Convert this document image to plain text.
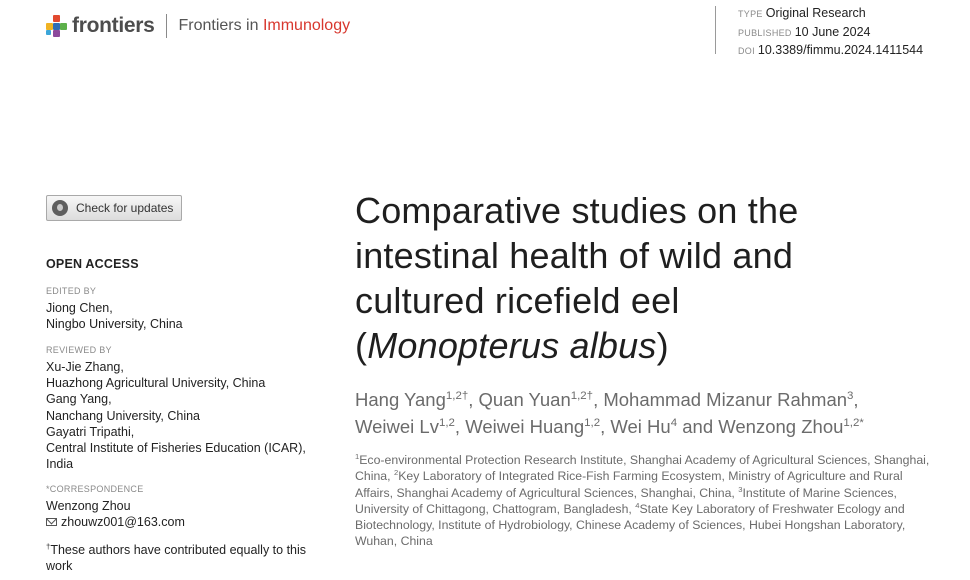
frontiers Frontiers in Immunology
TYPE Original Research
PUBLISHED 10 June 2024
DOI 10.3389/fimmu.2024.1411544
Check for updates
OPEN ACCESS
EDITED BY
Jiong Chen,
Ningbo University, China
REVIEWED BY
Xu-Jie Zhang,
Huazhong Agricultural University, China
Gang Yang,
Nanchang University, China
Gayatri Tripathi,
Central Institute of Fisheries Education (ICAR),
India
*CORRESPONDENCE
Wenzong Zhou
zhouwz001@163.com
†These authors have contributed equally to this work
Comparative studies on the
intestinal health of wild and
cultured ricefield eel
(Monopterus albus)
Hang Yang$^{1,2\dagger}$, Quan Yuan$^{1,2\dagger}$, Mohammad Mizanur Rahman$^3$,
Weiwei Lv$^{1,2}$, Weiwei Huang$^{1,2}$, Wei Hu$^4$ and Wenzong Zhou$^{1,2*}$
$^1$Eco-environmental Protection Research Institute, Shanghai Academy of Agricultural Sciences, Shanghai, China, $^2$Key Laboratory of Integrated Rice-Fish Farming Ecosystem, Ministry of Agriculture and Rural Affairs, Shanghai Academy of Agricultural Sciences, Shanghai, China, $^3$Institute of Marine Sciences, University of Chittagong, Chattogram, Bangladesh, $^4$State Key Laboratory of Freshwater Ecology and Biotechnology, Institute of Hydrobiology, Chinese Academy of Sciences, Hubei Hongshan Laboratory, Wuhan, China
